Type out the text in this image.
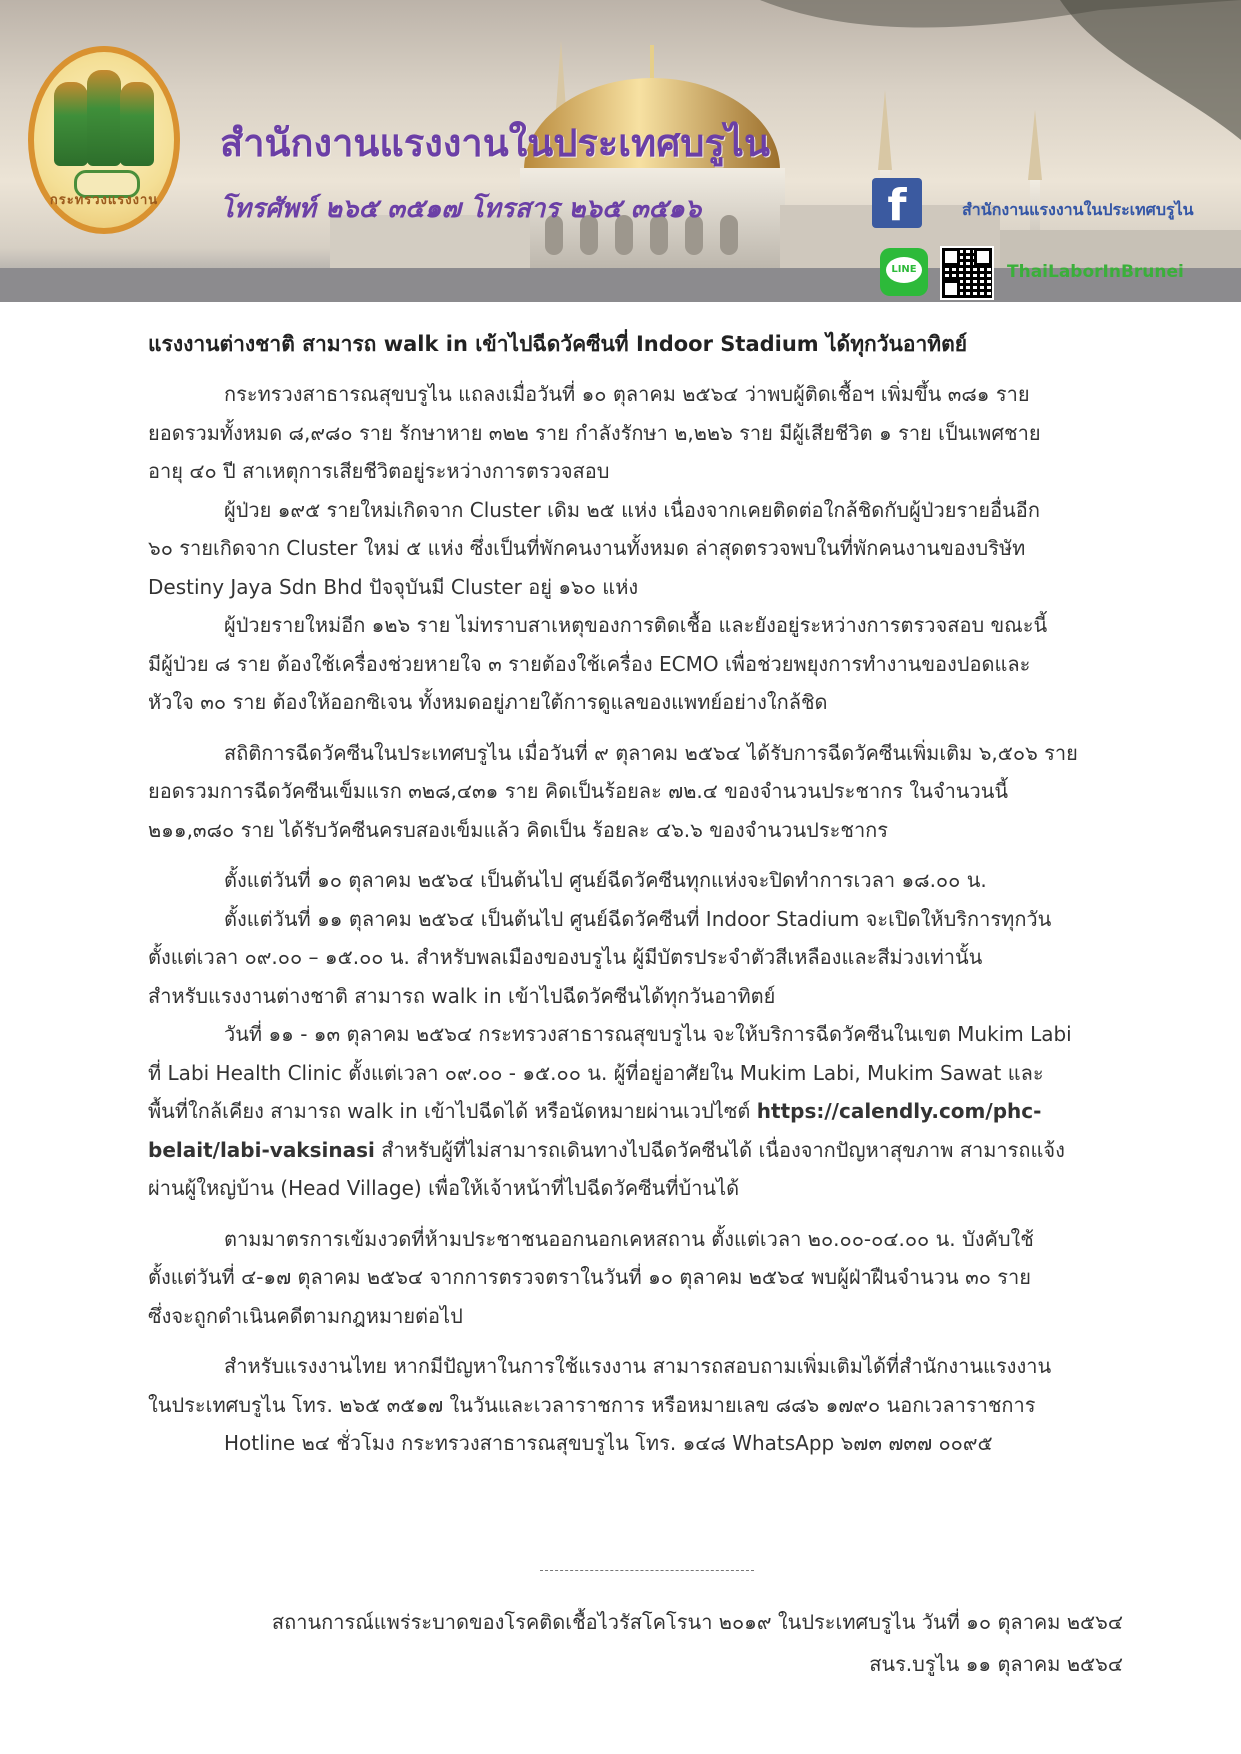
กระทรวงแรงงาน
สำนักงานแรงงานในประเทศบรูไน
โทรศัพท์ ๒๖๕ ๓๕๑๗ โทรสาร ๒๖๕ ๓๕๑๖	f	สำนักงานแรงงานในประเทศบรูไน
LINE	ThaiLaborInBrunei
แรงงานต่างชาติ สามารถ walk in เข้าไปฉีดวัคซีนที่ Indoor Stadium ได้ทุกวันอาทิตย์

กระทรวงสาธารณสุขบรูไน แถลงเมื่อวันที่ ๑๐ ตุลาคม ๒๕๖๔ ว่าพบผู้ติดเชื้อฯ เพิ่มขึ้น ๓๘๑ ราย
ยอดรวมทั้งหมด ๘,๙๘๐ ราย รักษาหาย ๓๒๒ ราย กำลังรักษา ๒,๒๒๖ ราย มีผู้เสียชีวิต ๑ ราย เป็นเพศชาย
อายุ ๔๐ ปี สาเหตุการเสียชีวิตอยู่ระหว่างการตรวจสอบ

ผู้ป่วย ๑๙๕ รายใหม่เกิดจาก Cluster เดิม ๒๕ แห่ง เนื่องจากเคยติดต่อใกล้ชิดกับผู้ป่วยรายอื่นอีก
๖๐ รายเกิดจาก Cluster ใหม่ ๕ แห่ง ซึ่งเป็นที่พักคนงานทั้งหมด ล่าสุดตรวจพบในที่พักคนงานของบริษัท
Destiny Jaya Sdn Bhd ปัจจุบันมี Cluster อยู่ ๑๖๐ แห่ง

ผู้ป่วยรายใหม่อีก ๑๒๖ ราย ไม่ทราบสาเหตุของการติดเชื้อ และยังอยู่ระหว่างการตรวจสอบ ขณะนี้
มีผู้ป่วย ๘ ราย ต้องใช้เครื่องช่วยหายใจ ๓ รายต้องใช้เครื่อง ECMO เพื่อช่วยพยุงการทำงานของปอดและ
หัวใจ ๓๐ ราย ต้องให้ออกซิเจน ทั้งหมดอยู่ภายใต้การดูแลของแพทย์อย่างใกล้ชิด

สถิติการฉีดวัคซีนในประเทศบรูไน เมื่อวันที่ ๙ ตุลาคม ๒๕๖๔ ได้รับการฉีดวัคซีนเพิ่มเติม ๖,๕๐๖ ราย
ยอดรวมการฉีดวัคซีนเข็มแรก ๓๒๘,๔๓๑ ราย คิดเป็นร้อยละ ๗๒.๔ ของจำนวนประชากร ในจำนวนนี้
๒๑๑,๓๘๐ ราย ได้รับวัคซีนครบสองเข็มแล้ว คิดเป็น ร้อยละ ๔๖.๖ ของจำนวนประชากร

ตั้งแต่วันที่ ๑๐ ตุลาคม ๒๕๖๔ เป็นต้นไป ศูนย์ฉีดวัคซีนทุกแห่งจะปิดทำการเวลา ๑๘.๐๐ น.

ตั้งแต่วันที่ ๑๑ ตุลาคม ๒๕๖๔ เป็นต้นไป ศูนย์ฉีดวัคซีนที่ Indoor Stadium จะเปิดให้บริการทุกวัน
ตั้งแต่เวลา ๐๙.๐๐ – ๑๕.๐๐ น. สำหรับพลเมืองของบรูไน ผู้มีบัตรประจำตัวสีเหลืองและสีม่วงเท่านั้น
สำหรับแรงงานต่างชาติ สามารถ walk in เข้าไปฉีดวัคซีนได้ทุกวันอาทิตย์

วันที่ ๑๑ - ๑๓ ตุลาคม ๒๕๖๔ กระทรวงสาธารณสุขบรูไน จะให้บริการฉีดวัคซีนในเขต Mukim Labi
ที่ Labi Health Clinic ตั้งแต่เวลา ๐๙.๐๐ - ๑๕.๐๐ น. ผู้ที่อยู่อาศัยใน Mukim Labi, Mukim Sawat และ
พื้นที่ใกล้เคียง สามารถ walk in เข้าไปฉีดได้ หรือนัดหมายผ่านเวปไซต์ https://calendly.com/phc-
belait/labi-vaksinasi สำหรับผู้ที่ไม่สามารถเดินทางไปฉีดวัคซีนได้ เนื่องจากปัญหาสุขภาพ สามารถแจ้ง
ผ่านผู้ใหญ่บ้าน (Head Village) เพื่อให้เจ้าหน้าที่ไปฉีดวัคซีนที่บ้านได้

ตามมาตรการเข้มงวดที่ห้ามประชาชนออกนอกเคหสถาน ตั้งแต่เวลา ๒๐.๐๐-๐๔.๐๐ น. บังคับใช้
ตั้งแต่วันที่ ๔-๑๗ ตุลาคม ๒๕๖๔ จากการตรวจตราในวันที่ ๑๐ ตุลาคม ๒๕๖๔ พบผู้ฝ่าฝืนจำนวน ๓๐ ราย
ซึ่งจะถูกดำเนินคดีตามกฎหมายต่อไป

สำหรับแรงงานไทย หากมีปัญหาในการใช้แรงงาน สามารถสอบถามเพิ่มเติมได้ที่สำนักงานแรงงาน
ในประเทศบรูไน โทร. ๒๖๕ ๓๕๑๗ ในวันและเวลาราชการ หรือหมายเลข ๘๘๖ ๑๗๙๐ นอกเวลาราชการ
Hotline ๒๔ ชั่วโมง กระทรวงสาธารณสุขบรูไน โทร. ๑๔๘ WhatsApp ๖๗๓ ๗๓๗ ๐๐๙๕

สถานการณ์แพร่ระบาดของโรคติดเชื้อไวรัสโคโรนา ๒๐๑๙ ในประเทศบรูไน วันที่ ๑๐ ตุลาคม ๒๕๖๔
สนร.บรูไน ๑๑ ตุลาคม ๒๕๖๔
